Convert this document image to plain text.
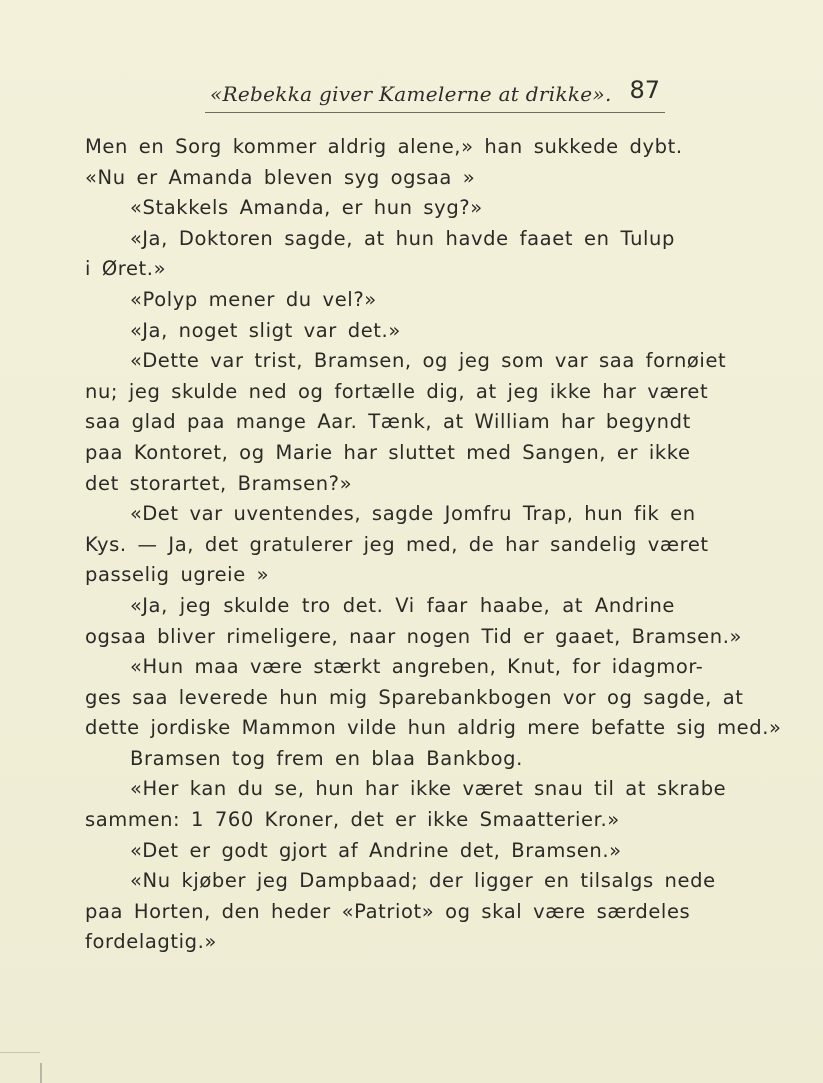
«Rebekka giver Kamelerne at drikke». 87
Men en Sorg kommer aldrig alene,» han sukkede dybt.
«Nu er Amanda bleven syg ogsaa »
«Stakkels Amanda, er hun syg?»
«Ja, Doktoren sagde, at hun havde faaet en Tulup
i Øret.»
«Polyp mener du vel?»
«Ja, noget sligt var det.»
«Dette var trist, Bramsen, og jeg som var saa fornøiet
nu; jeg skulde ned og fortælle dig, at jeg ikke har været
saa glad paa mange Aar. Tænk, at William har begyndt
paa Kontoret, og Marie har sluttet med Sangen, er ikke
det storartet, Bramsen?»
«Det var uventendes, sagde Jomfru Trap, hun fik en
Kys. — Ja, det gratulerer jeg med, de har sandelig været
passelig ugreie »
«Ja, jeg skulde tro det. Vi faar haabe, at Andrine
ogsaa bliver rimeligere, naar nogen Tid er gaaet, Bramsen.»
«Hun maa være stærkt angreben, Knut, for idagmor-
ges saa leverede hun mig Sparebankbogen vor og sagde, at
dette jordiske Mammon vilde hun aldrig mere befatte sig med.»
Bramsen tog frem en blaa Bankbog.
«Her kan du se, hun har ikke været snau til at skrabe
sammen: 1 760 Kroner, det er ikke Smaatterier.»
«Det er godt gjort af Andrine det, Bramsen.»
«Nu kjøber jeg Dampbaad; der ligger en tilsalgs nede
paa Horten, den heder «Patriot» og skal være særdeles
fordelagtig.»
